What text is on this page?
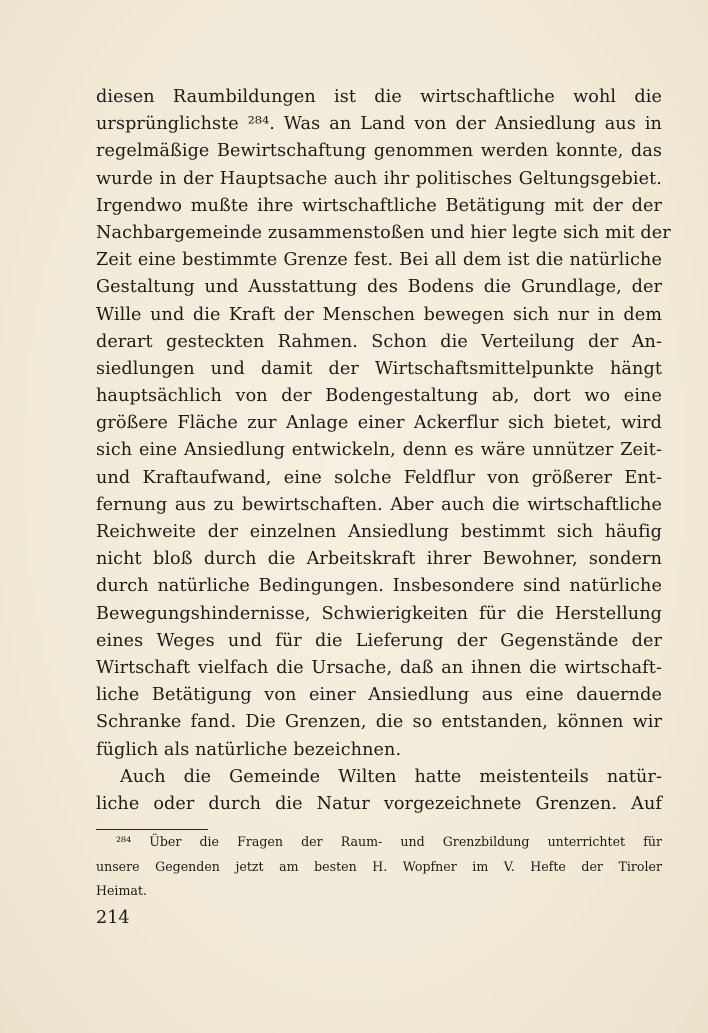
diesen Raumbildungen ist die wirtschaftliche wohl die
ursprünglichste ²⁸⁴. Was an Land von der Ansiedlung aus in
regelmäßige Bewirtschaftung genommen werden konnte, das
wurde in der Hauptsache auch ihr politisches Geltungsgebiet.
Irgendwo mußte ihre wirtschaftliche Betätigung mit der der
Nachbargemeinde zusammenstoßen und hier legte sich mit der
Zeit eine bestimmte Grenze fest. Bei all dem ist die natürliche
Gestaltung und Ausstattung des Bodens die Grundlage, der
Wille und die Kraft der Menschen bewegen sich nur in dem
derart gesteckten Rahmen. Schon die Verteilung der An-
siedlungen und damit der Wirtschaftsmittelpunkte hängt
hauptsächlich von der Bodengestaltung ab, dort wo eine
größere Fläche zur Anlage einer Ackerflur sich bietet, wird
sich eine Ansiedlung entwickeln, denn es wäre unnützer Zeit-
und Kraftaufwand, eine solche Feldflur von größerer Ent-
fernung aus zu bewirtschaften. Aber auch die wirtschaftliche
Reichweite der einzelnen Ansiedlung bestimmt sich häufig
nicht bloß durch die Arbeitskraft ihrer Bewohner, sondern
durch natürliche Bedingungen. Insbesondere sind natürliche
Bewegungshindernisse, Schwierigkeiten für die Herstellung
eines Weges und für die Lieferung der Gegenstände der
Wirtschaft vielfach die Ursache, daß an ihnen die wirtschaft-
liche Betätigung von einer Ansiedlung aus eine dauernde
Schranke fand. Die Grenzen, die so entstanden, können wir
füglich als natürliche bezeichnen.
Auch die Gemeinde Wilten hatte meistenteils natür-
liche oder durch die Natur vorgezeichnete Grenzen. Auf
²⁸⁴ Über die Fragen der Raum- und Grenzbildung unterrichtet für
unsere Gegenden jetzt am besten H. Wopfner im V. Hefte der Tiroler
Heimat.
214
